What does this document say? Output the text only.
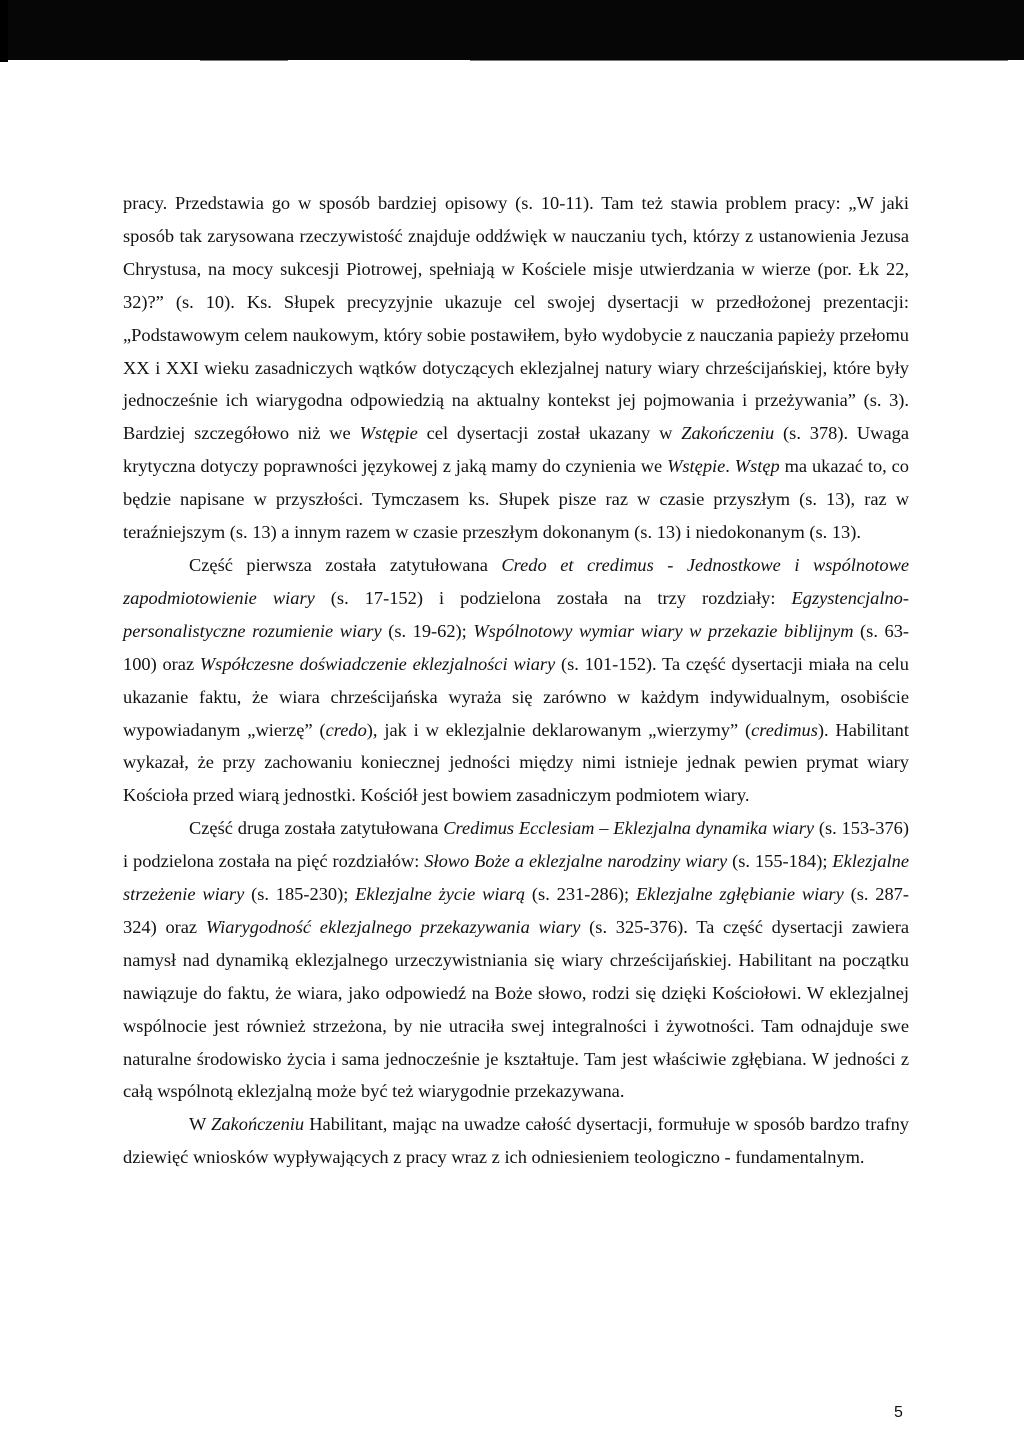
pracy. Przedstawia go w sposób bardziej opisowy (s. 10-11). Tam też stawia problem pracy: „W jaki sposób tak zarysowana rzeczywistość znajduje oddźwięk w nauczaniu tych, którzy z ustanowienia Jezusa Chrystusa, na mocy sukcesji Piotrowej, spełniają w Kościele misje utwierdzania w wierze (por. Łk 22, 32)?” (s. 10). Ks. Słupek precyzyjnie ukazuje cel swojej dysertacji w przedłożonej prezentacji: „Podstawowym celem naukowym, który sobie postawiłem, było wydobycie z nauczania papieży przełomu XX i XXI wieku zasadniczych wątków dotyczących eklezjalnej natury wiary chrześcijańskiej, które były jednocześnie ich wiarygodna odpowiedzią na aktualny kontekst jej pojmowania i przeżywania” (s. 3). Bardziej szczegółowo niż we Wstępie cel dysertacji został ukazany w Zakończeniu (s. 378). Uwaga krytyczna dotyczy poprawności językowej z jaką mamy do czynienia we Wstępie. Wstęp ma ukazać to, co będzie napisane w przyszłości. Tymczasem ks. Słupek pisze raz w czasie przyszłym (s. 13), raz w teraźniejszym (s. 13) a innym razem w czasie przeszłym dokonanym (s. 13) i niedokonanym (s. 13).

Część pierwsza została zatytułowana Credo et credimus - Jednostkowe i wspólnotowe zapodmiotowienie wiary (s. 17-152) i podzielona została na trzy rozdziały: Egzystencjalno-personalistyczne rozumienie wiary (s. 19-62); Wspólnotowy wymiar wiary w przekazie biblijnym (s. 63-100) oraz Współczesne doświadczenie eklezjalności wiary (s. 101-152). Ta część dysertacji miała na celu ukazanie faktu, że wiara chrześcijańska wyraża się zarówno w każdym indywidualnym, osobiście wypowiadanym „wierzę” (credo), jak i w eklezjalnie deklarowanym „wierzymy” (credimus). Habilitant wykazał, że przy zachowaniu koniecznej jedności między nimi istnieje jednak pewien prymat wiary Kościoła przed wiarą jednostki. Kościół jest bowiem zasadniczym podmiotem wiary.

Część druga została zatytułowana Credimus Ecclesiam – Eklezjalna dynamika wiary (s. 153-376) i podzielona została na pięć rozdziałów: Słowo Boże a eklezjalne narodziny wiary (s. 155-184); Eklezjalne strzeżenie wiary (s. 185-230); Eklezjalne życie wiarą (s. 231-286); Eklezjalne zgłębianie wiary (s. 287-324) oraz Wiarygodność eklezjalnego przekazywania wiary (s. 325-376). Ta część dysertacji zawiera namysł nad dynamiką eklezjalnego urzeczywistniania się wiary chrześcijańskiej. Habilitant na początku nawiązuje do faktu, że wiara, jako odpowiedź na Boże słowo, rodzi się dzięki Kościołowi. W eklezjalnej wspólnocie jest również strzeżona, by nie utraciła swej integralności i żywotności. Tam odnajduje swe naturalne środowisko życia i sama jednocześnie je kształtuje. Tam jest właściwie zgłębiana. W jedności z całą wspólnotą eklezjalną może być też wiarygodnie przekazywana.

W Zakończeniu Habilitant, mając na uwadze całość dysertacji, formułuje w sposób bardzo trafny dziewięć wniosków wypływających z pracy wraz z ich odniesieniem teologiczno - fundamentalnym.

5
